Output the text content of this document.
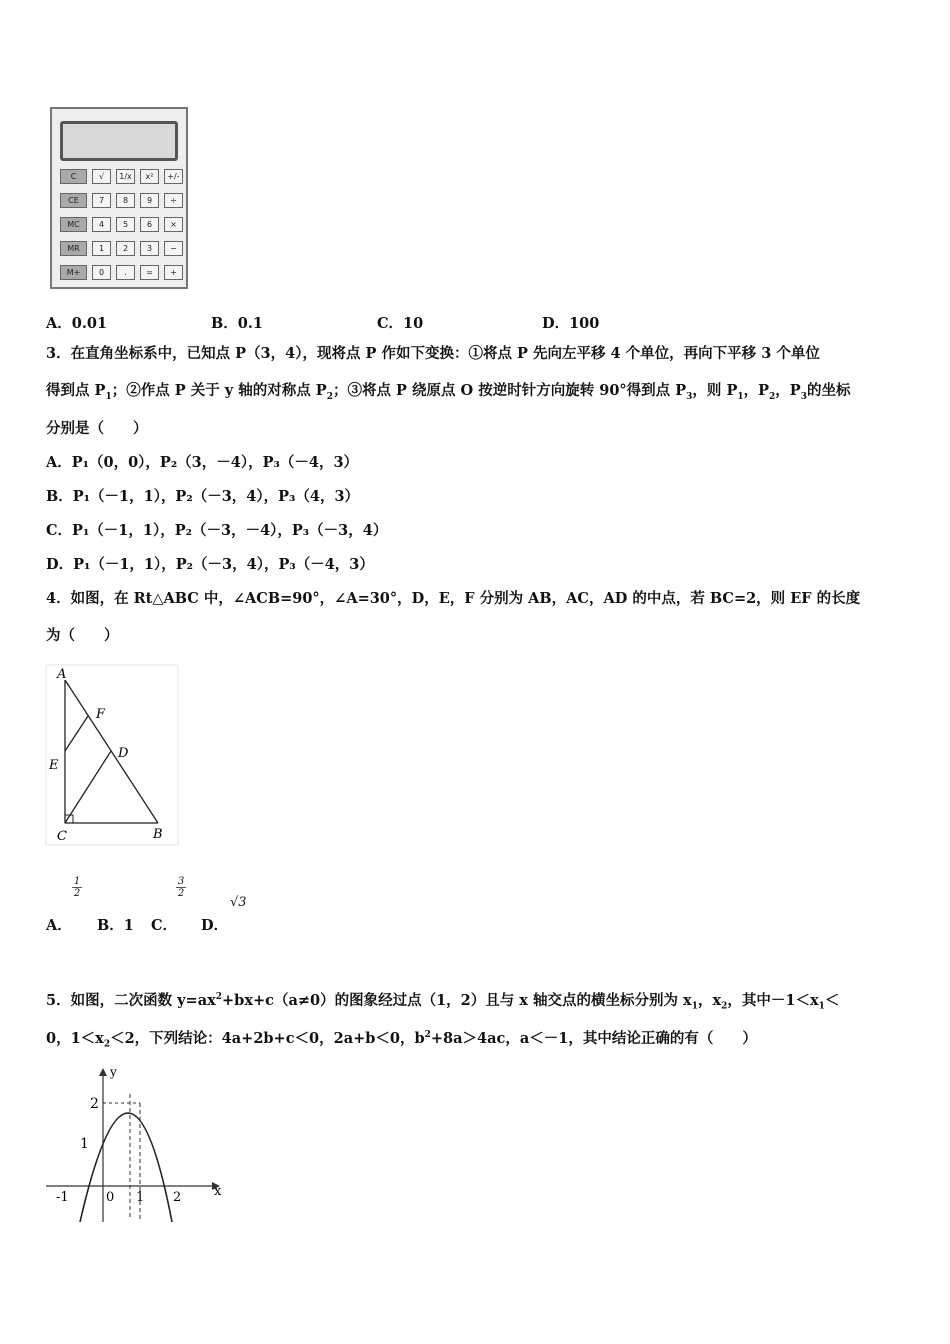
C	√	1/x	x²	+/-
CE	7	8	9	÷
MC	4	5	6	×
MR	1	2	3	−
M+	0	.	=	+
A．0.01	B．0.1	C．10	D．100
3．在直角坐标系中，已知点 P（3，4），现将点 P 作如下变换：①将点 P 先向左平移 4 个单位，再向下平移 3 个单位
得到点 $P_1$；②作点 P 关于 y 轴的对称点 $P_2$；③将点 P 绕原点 O 按逆时针方向旋转 90°得到点 $P_3$，则 $P_1$，$P_2$，$P_3$的坐标
分别是（　　）
A．P₁（0，0），P₂（3，－4），P₃（－4，3）
B．P₁（－1，1），P₂（－3，4），P₃（4，3）
C．P₁（－1，1），P₂（－3，－4），P₃（－3，4）
D．P₁（－1，1），P₂（－3，4），P₃（－4，3）
4．如图，在 Rt△ABC 中，∠ACB=90°，∠A=30°，D，E，F 分别为 AB，AC，AD 的中点，若 BC=2，则 EF 的长度
为（　　）
A
F
D
E
C	B
1
2
3
2
√3
A． B．1 C． D．
5．如图，二次函数 $y=ax^2+bx+c(a\ne 0)$的图象经过点（1，2）且与 x 轴交点的横坐标分别为 $x_1$，$x_2$，其中$-1<x_1<$
0，$1<x_2<2$，下列结论：4a+2b+c＜0，2a+b＜0，$b^2+8a>4ac$，a＜－1，其中结论正确的有（　　）
y
x
2
1
-1	0 1 2
